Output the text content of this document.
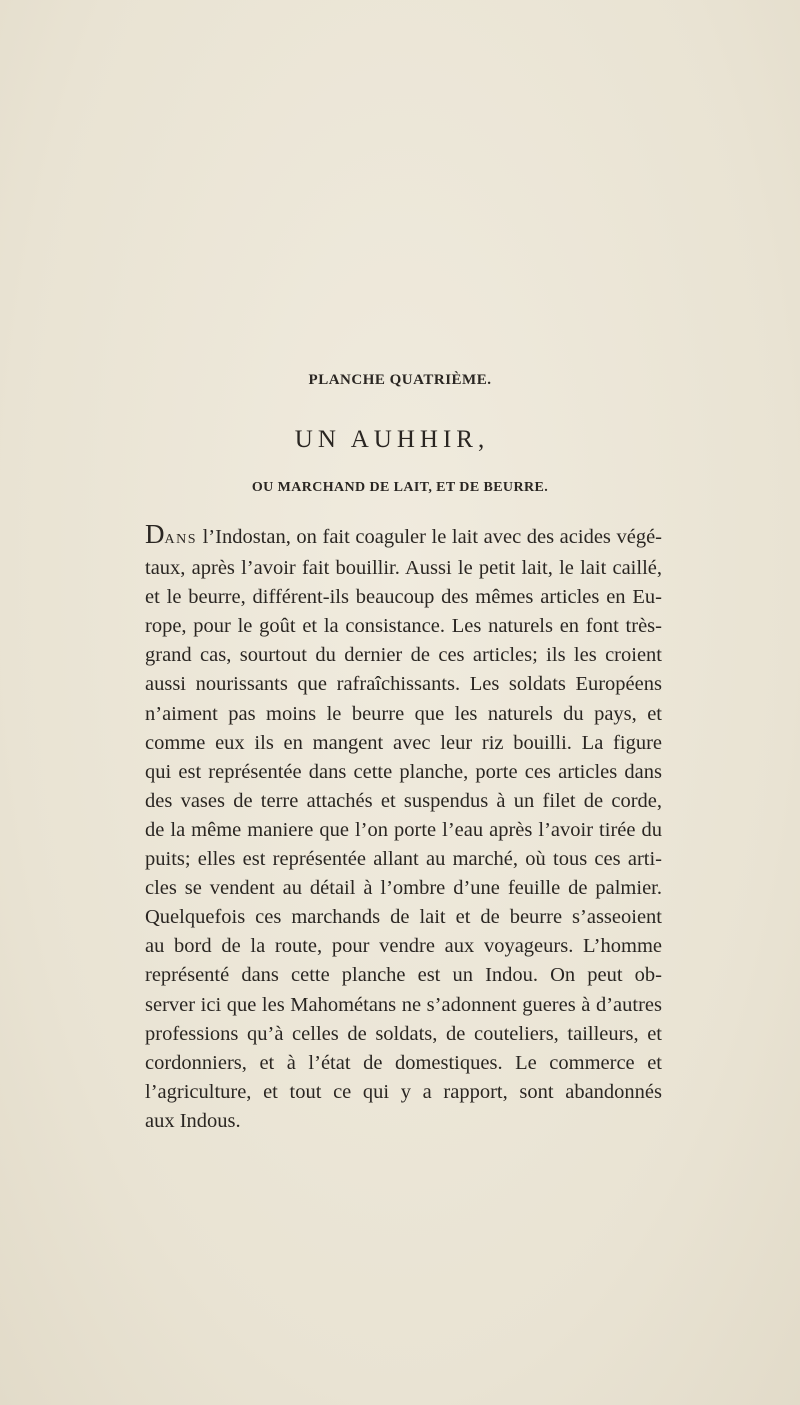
PLANCHE QUATRIÈME.
UN AUHHIR,
OU MARCHAND DE LAIT, ET DE BEURRE.
DANS l’Indostan, on fait coaguler le lait avec des acides végé-
taux, après l’avoir fait bouillir. Aussi le petit lait, le lait caillé,
et le beurre, différent-ils beaucoup des mêmes articles en Eu-
rope, pour le goût et la consistance. Les naturels en font très-
grand cas, sourtout du dernier de ces articles; ils les croient
aussi nourissants que rafraîchissants. Les soldats Européens
n’aiment pas moins le beurre que les naturels du pays, et
comme eux ils en mangent avec leur riz bouilli. La figure
qui est représentée dans cette planche, porte ces articles dans
des vases de terre attachés et suspendus à un filet de corde,
de la même maniere que l’on porte l’eau après l’avoir tirée du
puits; elles est représentée allant au marché, où tous ces arti-
cles se vendent au détail à l’ombre d’une feuille de palmier.
Quelquefois ces marchands de lait et de beurre s’asseoient
au bord de la route, pour vendre aux voyageurs. L’homme
représenté dans cette planche est un Indou. On peut ob-
server ici que les Mahométans ne s’adonnent gueres à d’autres
professions qu’à celles de soldats, de couteliers, tailleurs, et
cordonniers, et à l’état de domestiques. Le commerce et
l’agriculture, et tout ce qui y a rapport, sont abandonnés
aux Indous.
